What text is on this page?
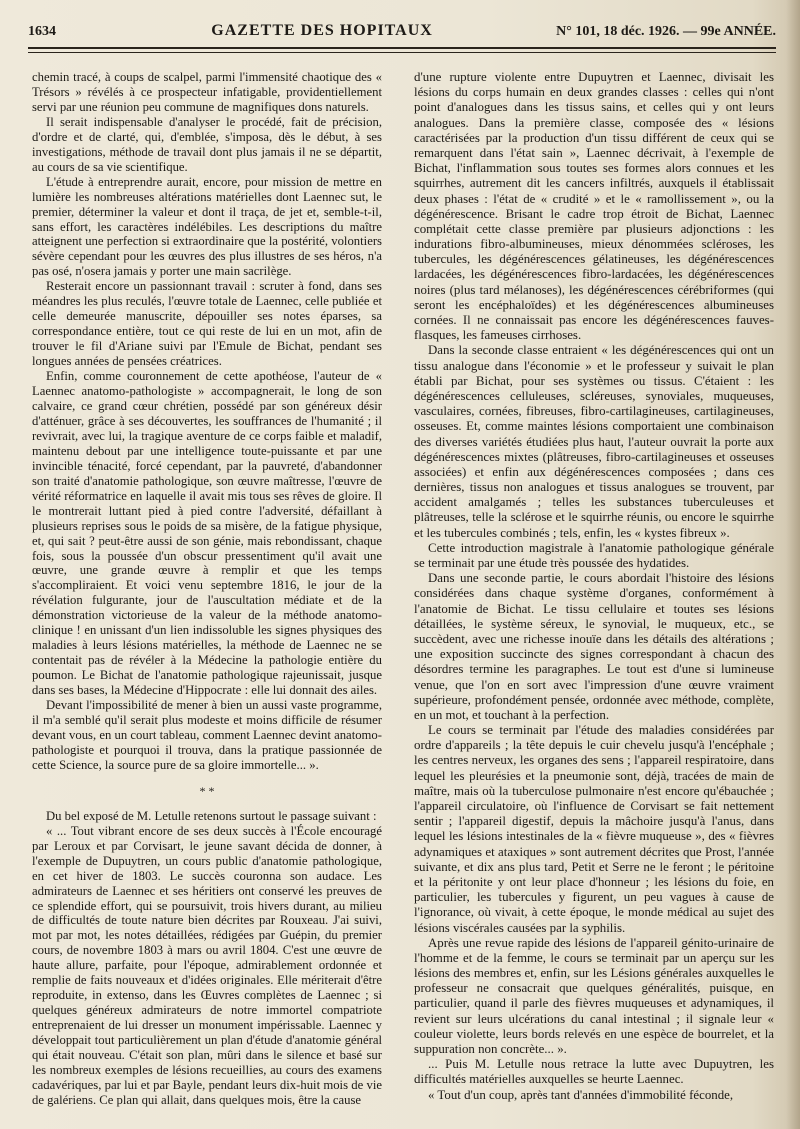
1634	GAZETTE DES HOPITAUX	N° 101, 18 déc. 1926. — 99e ANNÉE.

chemin tracé, à coups de scalpel, parmi l'immensité chaotique des « Trésors » révélés à ce prospecteur infatigable, providentiellement servi par une réunion peu commune de magnifiques dons naturels.

Il serait indispensable d'analyser le procédé, fait de précision, d'ordre et de clarté, qui, d'emblée, s'imposa, dès le début, à ses investigations, méthode de travail dont plus jamais il ne se départit, au cours de sa vie scientifique.

L'étude à entreprendre aurait, encore, pour mission de mettre en lumière les nombreuses altérations matérielles dont Laennec sut, le premier, déterminer la valeur et dont il traça, de jet et, semble-t-il, sans effort, les caractères indélébiles. Les descriptions du maître atteignent une perfection si extraordinaire que la postérité, volontiers sévère cependant pour les œuvres des plus illustres de ses héros, n'a pas osé, n'osera jamais y porter une main sacrilège.

Resterait encore un passionnant travail : scruter à fond, dans ses méandres les plus reculés, l'œuvre totale de Laennec, celle publiée et celle demeurée manuscrite, dépouiller ses notes éparses, sa correspondance entière, tout ce qui reste de lui en un mot, afin de trouver le fil d'Ariane suivi par l'Emule de Bichat, pendant ses longues années de pensées créatrices.

Enfin, comme couronnement de cette apothéose, l'auteur de « Laennec anatomo-pathologiste » accompagnerait, le long de son calvaire, ce grand cœur chrétien, possédé par son généreux désir d'atténuer, grâce à ses découvertes, les souffrances de l'humanité ; il revivrait, avec lui, la tragique aventure de ce corps faible et maladif, maintenu debout par une intelligence toute-puissante et par une invincible ténacité, forcé cependant, par la pauvreté, d'abandonner son traité d'anatomie pathologique, son œuvre maîtresse, l'œuvre de vérité réformatrice en laquelle il avait mis tous ses rêves de gloire. Il le montrerait luttant pied à pied contre l'adversité, défaillant à plusieurs reprises sous le poids de sa misère, de la fatigue physique, et, qui sait ? peut-être aussi de son génie, mais rebondissant, chaque fois, sous la poussée d'un obscur pressentiment qu'il avait une œuvre, une grande œuvre à remplir et que les temps s'accompliraient. Et voici venu septembre 1816, le jour de la révélation fulgurante, jour de l'auscultation médiate et de la démonstration victorieuse de la valeur de la méthode anatomo-clinique ! en unissant d'un lien indissoluble les signes physiques des maladies à leurs lésions matérielles, la méthode de Laennec ne se contentait pas de révéler à la Médecine la pathologie entière du poumon. Le Bichat de l'anatomie pathologique rajeunissait, jusque dans ses bases, la Médecine d'Hippocrate : elle lui donnait des ailes.

Devant l'impossibilité de mener à bien un aussi vaste programme, il m'a semblé qu'il serait plus modeste et moins difficile de résumer devant vous, en un court tableau, comment Laennec devint anatomo-pathologiste et pourquoi il trouva, dans la pratique passionnée de cette Science, la source pure de sa gloire immortelle... ».

* *

Du bel exposé de M. Letulle retenons surtout le passage suivant :

« ... Tout vibrant encore de ses deux succès à l'École encouragé par Leroux et par Corvisart, le jeune savant décida de donner, à l'exemple de Dupuytren, un cours public d'anatomie pathologique, en cet hiver de 1803. Le succès couronna son audace. Les admirateurs de Laennec et ses héritiers ont conservé les preuves de ce splendide effort, qui se poursuivit, trois hivers durant, au milieu de difficultés de toute nature bien décrites par Rouxeau. J'ai suivi, mot par mot, les notes détaillées, rédigées par Guépin, du premier cours, de novembre 1803 à mars ou avril 1804. C'est une œuvre de haute allure, parfaite, pour l'époque, admirablement ordonnée et remplie de faits nouveaux et d'idées originales. Elle mériterait d'être reproduite, in extenso, dans les Œuvres complètes de Laennec ; si quelques généreux admirateurs de notre immortel compatriote entreprenaient de lui dresser un monument impérissable. Laennec y développait tout particulièrement un plan d'étude d'anatomie général qui était nouveau. C'était son plan, mûri dans le silence et basé sur les nombreux exemples de lésions recueillies, au cours des examens cadavériques, par lui et par Bayle, pendant leurs dix-huit mois de vie de galériens. Ce plan qui allait, dans quelques mois, être la cause

d'une rupture violente entre Dupuytren et Laennec, divisait les lésions du corps humain en deux grandes classes : celles qui n'ont point d'analogues dans les tissus sains, et celles qui y ont leurs analogues. Dans la première classe, composée des « lésions caractérisées par la production d'un tissu différent de ceux qui se remarquent dans l'état sain », Laennec décrivait, à l'exemple de Bichat, l'inflammation sous toutes ses formes alors connues et les squirrhes, autrement dit les cancers infiltrés, auxquels il établissait deux phases : l'état de « crudité » et le « ramollissement », ou la dégénérescence. Brisant le cadre trop étroit de Bichat, Laennec complétait cette classe première par plusieurs adjonctions : les indurations fibro-albumineuses, mieux dénommées scléroses, les tubercules, les dégénérescences gélatineuses, les dégénérescences lardacées, les dégénérescences fibro-lardacées, les dégénérescences noires (plus tard mélanoses), les dégénérescences cérébriformes (qui seront les encéphaloïdes) et les dégénérescences albumineuses cornées. Il ne connaissait pas encore les dégénérescences fauves-flasques, les fameuses cirrhoses.

Dans la seconde classe entraient « les dégénérescences qui ont un tissu analogue dans l'économie » et le professeur y suivait le plan établi par Bichat, pour ses systèmes ou tissus. C'étaient : les dégénérescences celluleuses, scléreuses, synoviales, muqueuses, vasculaires, cornées, fibreuses, fibro-cartilagineuses, cartilagineuses, osseuses. Et, comme maintes lésions comportaient une combinaison des diverses variétés étudiées plus haut, l'auteur ouvrait la porte aux dégénérescences mixtes (plâtreuses, fibro-cartilagineuses et osseuses associées) et enfin aux dégénérescences composées ; dans ces dernières, tissus non analogues et tissus analogues se trouvent, par accident amalgamés ; telles les substances tuberculeuses et plâtreuses, telle la sclérose et le squirrhe réunis, ou encore le squirrhe et les tubercules combinés ; tels, enfin, les « kystes fibreux ».

Cette introduction magistrale à l'anatomie pathologique générale se terminait par une étude très poussée des hydatides.

Dans une seconde partie, le cours abordait l'histoire des lésions considérées dans chaque système d'organes, conformément à l'anatomie de Bichat. Le tissu cellulaire et toutes ses lésions détaillées, le système séreux, le synovial, le muqueux, etc., se succèdent, avec une richesse inouïe dans les détails des altérations ; une exposition succincte des signes correspondant à chacun des désordres termine les paragraphes. Le tout est d'une si lumineuse venue, que l'on en sort avec l'impression d'une œuvre vraiment supérieure, profondément pensée, ordonnée avec méthode, complète, en un mot, et touchant à la perfection.

Le cours se terminait par l'étude des maladies considérées par ordre d'appareils ; la tête depuis le cuir chevelu jusqu'à l'encéphale ; les centres nerveux, les organes des sens ; l'appareil respiratoire, dans lequel les pleurésies et la pneumonie sont, déjà, tracées de main de maître, mais où la tuberculose pulmonaire n'est encore qu'ébauchée ; l'appareil circulatoire, où l'influence de Corvisart se fait nettement sentir ; l'appareil digestif, depuis la mâchoire jusqu'à l'anus, dans lequel les lésions intestinales de la « fièvre muqueuse », des « fièvres adynamiques et ataxiques » sont autrement décrites que Prost, l'année suivante, et dix ans plus tard, Petit et Serre ne le feront ; le péritoine et la péritonite y ont leur place d'honneur ; les lésions du foie, en particulier, les tubercules y figurent, un peu vagues à cause de l'ignorance, où vivait, à cette époque, le monde médical au sujet des lésions viscérales causées par la syphilis.

Après une revue rapide des lésions de l'appareil génito-urinaire de l'homme et de la femme, le cours se terminait par un aperçu sur les lésions des membres et, enfin, sur les Lésions générales auxquelles le professeur ne consacrait que quelques généralités, puisque, en particulier, quand il parle des fièvres muqueuses et adynamiques, il revient sur leurs ulcérations du canal intestinal ; il signale leur « couleur violette, leurs bords relevés en une espèce de bourrelet, et la suppuration non concrète... ».

... Puis M. Letulle nous retrace la lutte avec Dupuytren, les difficultés matérielles auxquelles se heurte Laennec.

« Tout d'un coup, après tant d'années d'immobilité féconde,
